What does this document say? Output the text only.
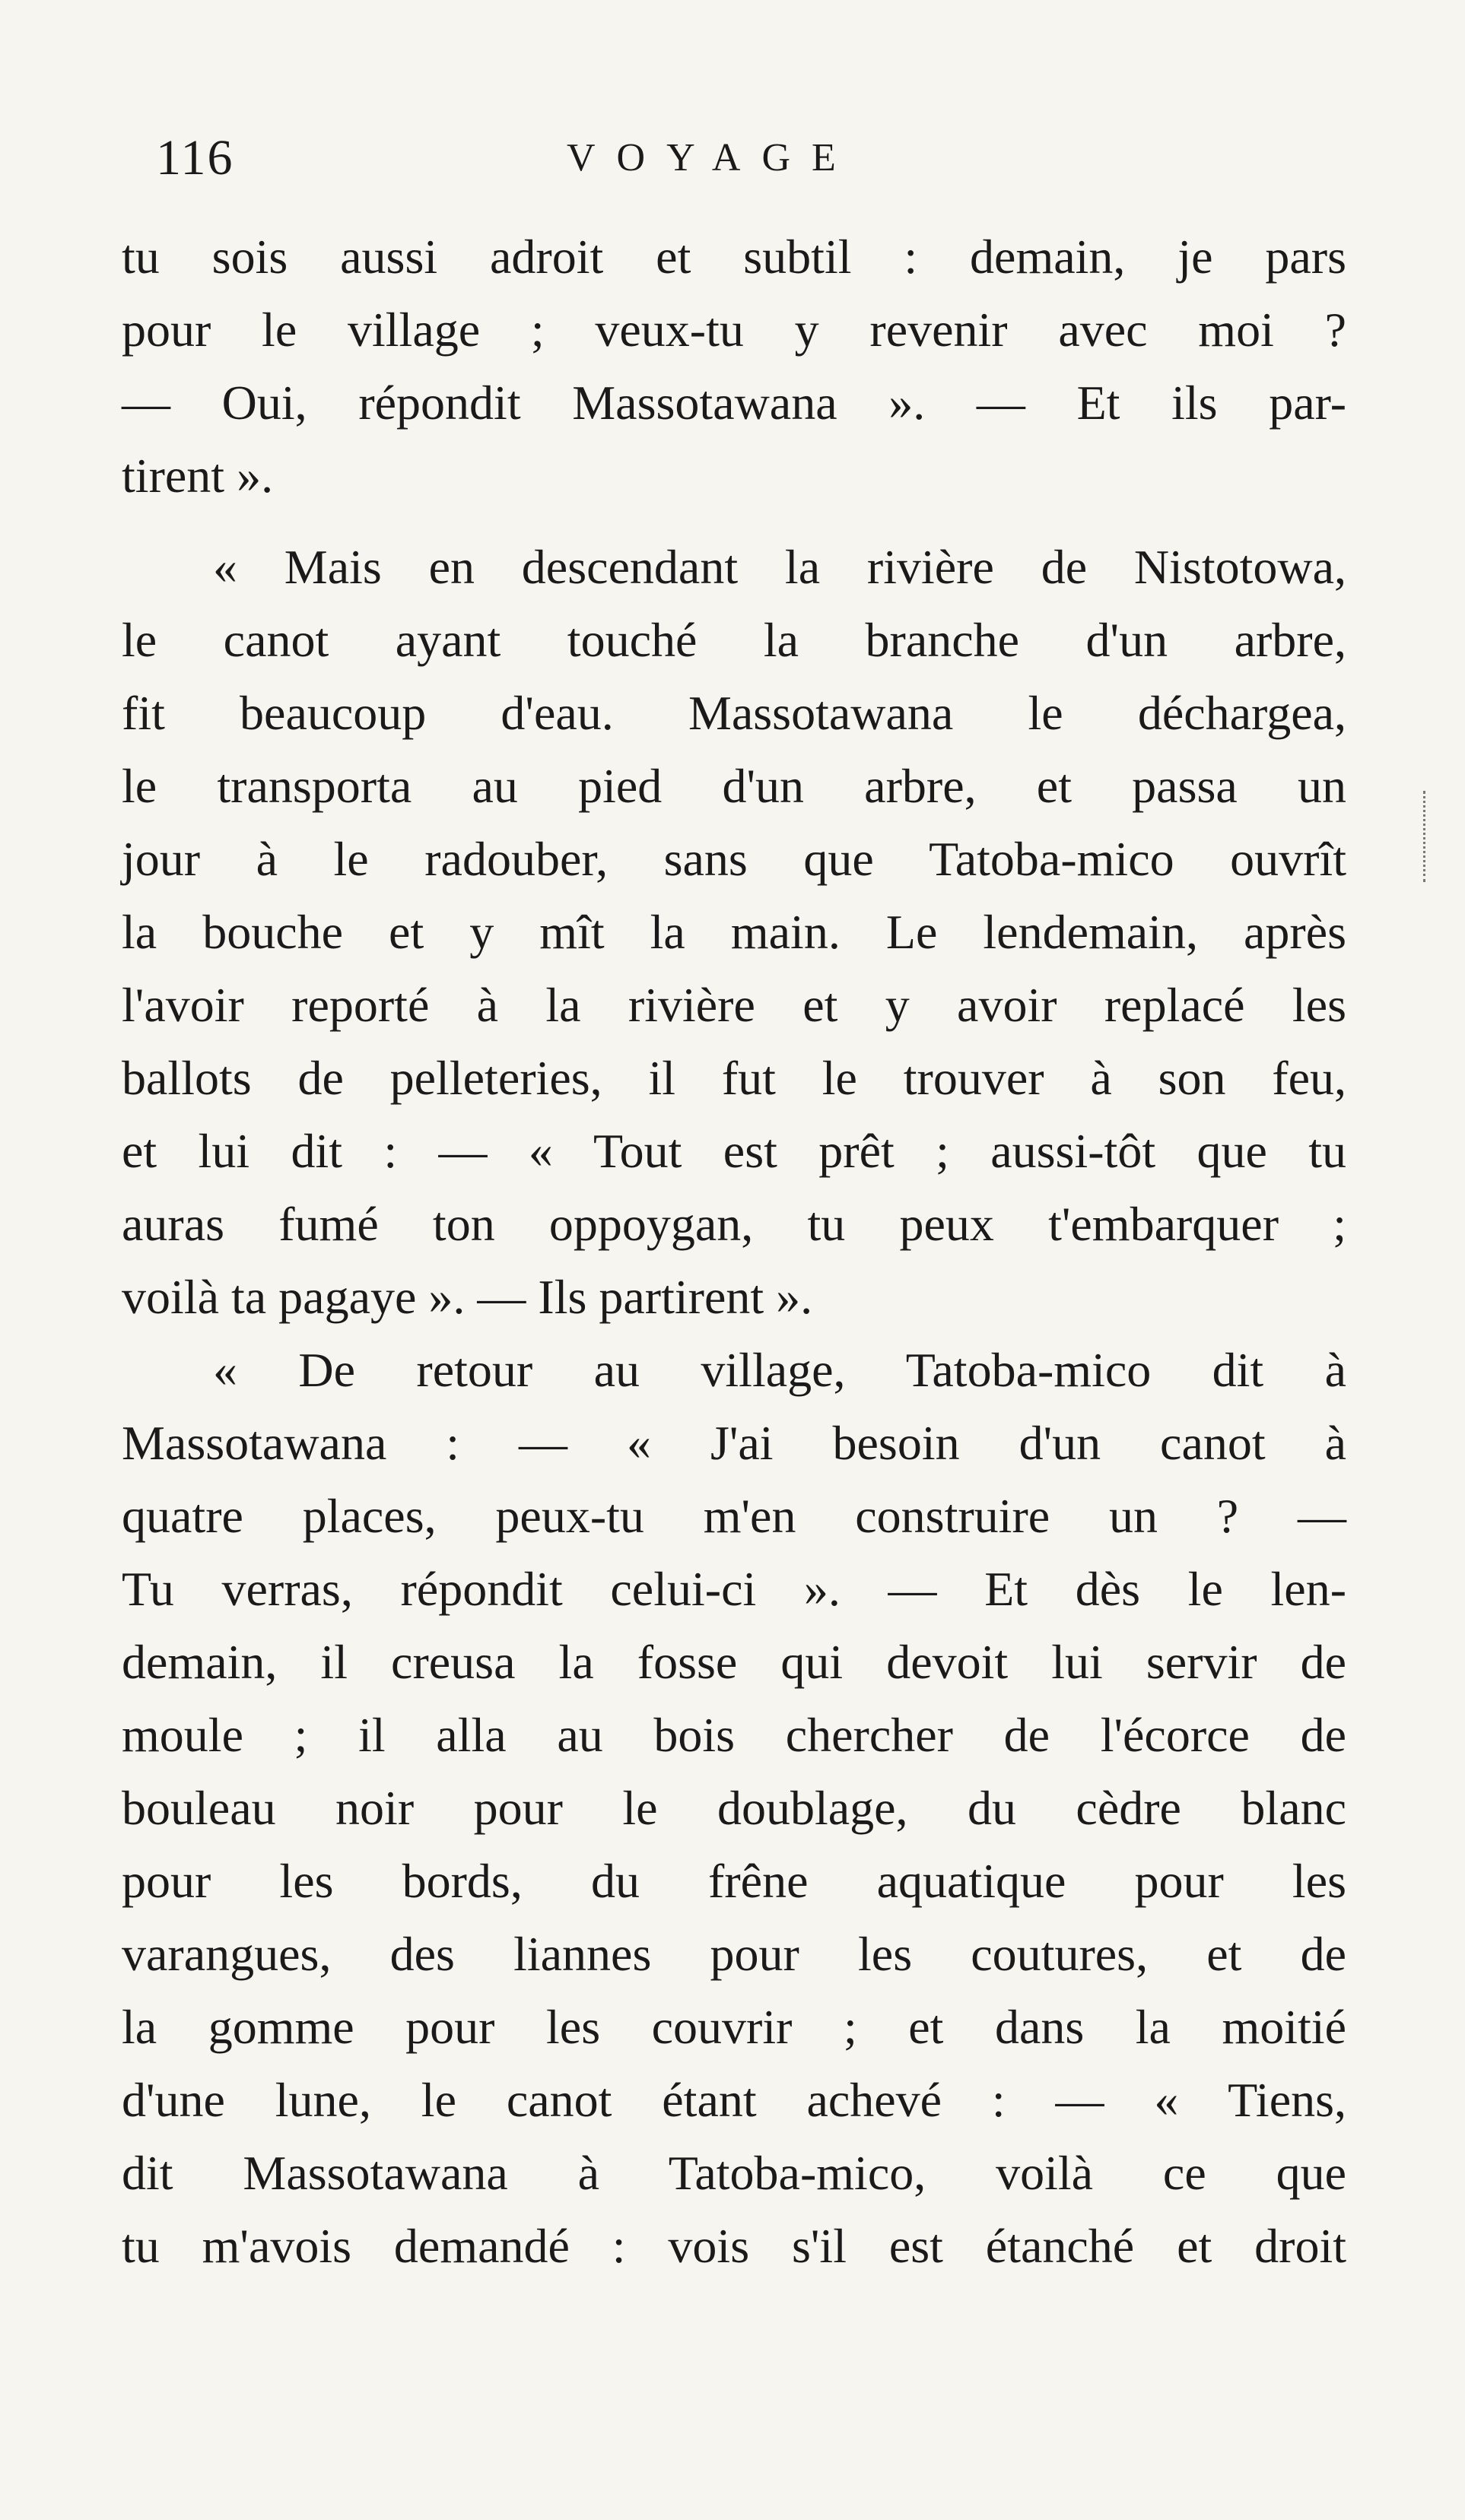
116	VOYAGE
tu sois aussi adroit et subtil : demain, je pars
pour le village ; veux-tu y revenir avec moi ?
— Oui, répondit Massotawana ». — Et ils par-
tirent ».
« Mais en descendant la rivière de Nistotowa,
le canot ayant touché la branche d'un arbre,
fit beaucoup d'eau. Massotawana le déchargea,
le transporta au pied d'un arbre, et passa un
jour à le radouber, sans que Tatoba-mico ouvrît
la bouche et y mît la main. Le lendemain, après
l'avoir reporté à la rivière et y avoir replacé les
ballots de pelleteries, il fut le trouver à son feu,
et lui dit : — « Tout est prêt ; aussi-tôt que tu
auras fumé ton oppoygan, tu peux t'embarquer ;
voilà ta pagaye ». — Ils partirent ».
« De retour au village, Tatoba-mico dit à
Massotawana : — « J'ai besoin d'un canot à
quatre places, peux-tu m'en construire un ? —
Tu verras, répondit celui-ci ». — Et dès le len-
demain, il creusa la fosse qui devoit lui servir de
moule ; il alla au bois chercher de l'écorce de
bouleau noir pour le doublage, du cèdre blanc
pour les bords, du frêne aquatique pour les
varangues, des liannes pour les coutures, et de
la gomme pour les couvrir ; et dans la moitié
d'une lune, le canot étant achevé : — « Tiens,
dit Massotawana à Tatoba-mico, voilà ce que
tu m'avois demandé : vois s'il est étanché et droit
